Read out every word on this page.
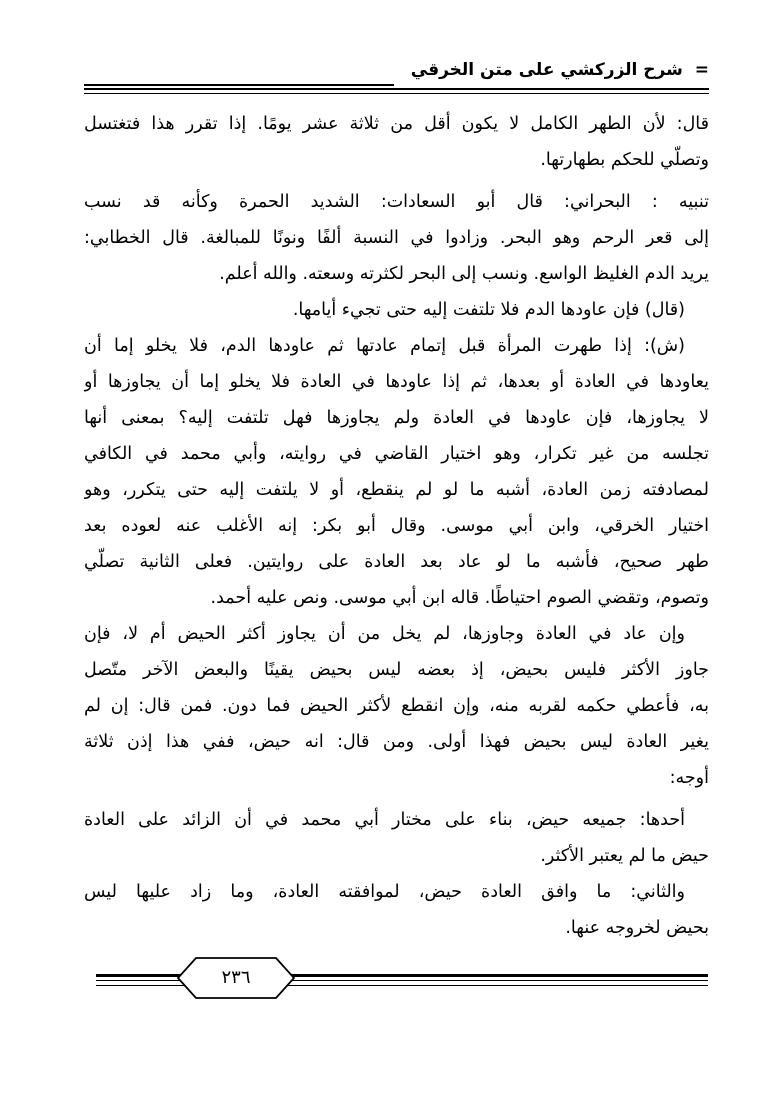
= شرح الزركشي على متن الخرقي
قال: لأن الطهر الكامل لا يكون أقل من ثلاثة عشر يومًا. إذا تقرر هذا فتغتسل
وتصلّي للحكم بطهارتها.
تنبيه : البحراني: قال أبو السعادات: الشديد الحمرة وكأنه قد نسب
إلى قعر الرحم وهو البحر. وزادوا في النسبة ألفًا ونونًا للمبالغة. قال الخطابي:
يريد الدم الغليظ الواسع. ونسب إلى البحر لكثرته وسعته. والله أعلم.
(قال) فإن عاودها الدم فلا تلتفت إليه حتى تجيء أيامها.
(ش): إذا طهرت المرأة قبل إتمام عادتها ثم عاودها الدم، فلا يخلو إما أن
يعاودها في العادة أو بعدها، ثم إذا عاودها في العادة فلا يخلو إما أن يجاوزها أو
لا يجاوزها، فإن عاودها في العادة ولم يجاوزها فهل تلتفت إليه؟ بمعنى أنها
تجلسه من غير تكرار، وهو اختيار القاضي في روايته، وأبي محمد في الكافي
لمصادفته زمن العادة، أشبه ما لو لم ينقطع، أو لا يلتفت إليه حتى يتكرر، وهو
اختيار الخرقي، وابن أبي موسى. وقال أبو بكر: إنه الأغلب عنه لعوده بعد
طهر صحيح، فأشبه ما لو عاد بعد العادة على روايتين. فعلى الثانية تصلّي
وتصوم، وتقضي الصوم احتياطًا. قاله ابن أبي موسى. ونص عليه أحمد.
وإن عاد في العادة وجاوزها، لم يخل من أن يجاوز أكثر الحيض أم لا، فإن
جاوز الأكثر فليس بحيض، إذ بعضه ليس بحيض يقينًا والبعض الآخر متّصل
به، فأعطي حكمه لقربه منه، وإن انقطع لأكثر الحيض فما دون. فمن قال: إن لم
يغير العادة ليس بحيض فهذا أولى. ومن قال: انه حيض، ففي هذا إذن ثلاثة
أوجه:
أحدها: جميعه حيض، بناء على مختار أبي محمد في أن الزائد على العادة
حيض ما لم يعتبر الأكثر.
والثاني: ما وافق العادة حيض، لموافقته العادة، وما زاد عليها ليس
بحيض لخروجه عنها.
٢٣٦
